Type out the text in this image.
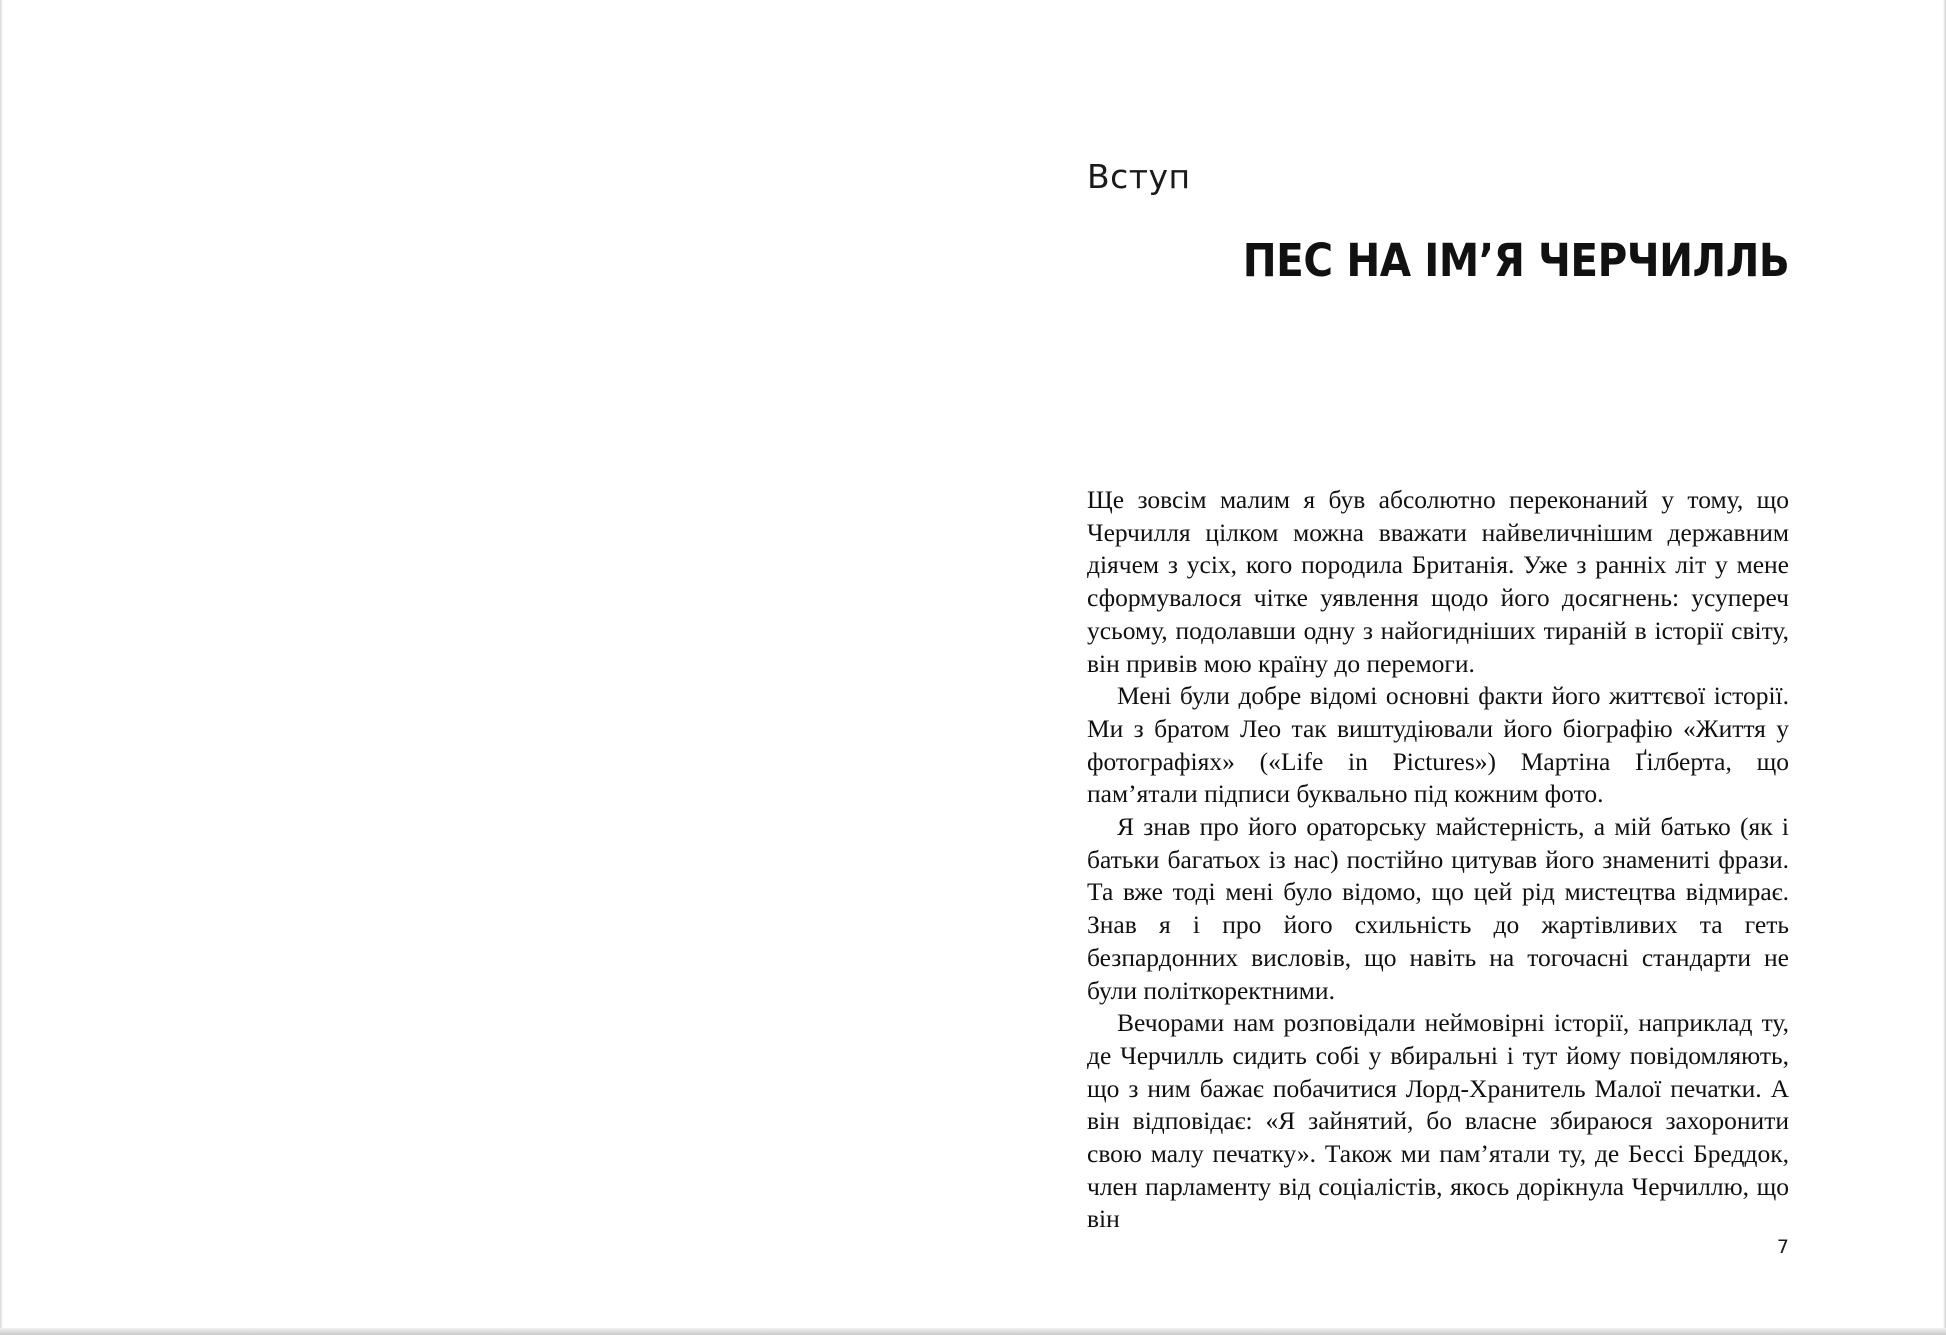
Вступ
ПЕС НА ІМ’Я ЧЕРЧИЛЛЬ

Ще зовсім малим я був абсолютно переконаний у тому, що Черчилля цілком можна вважати найвеличнішим державним діячем з усіх, кого породила Британія. Уже з ранніх літ у мене сформувалося чітке уявлення щодо його досягнень: усупереч усьому, подолавши одну з найогидніших тираній в історії світу, він привів мою країну до перемоги.

Мені були добре відомі основні факти його життєвої історії. Ми з братом Лео так виштудіювали його біографію «Життя у фотографіях» («Life in Pictures») Мартіна Ґілберта, що пам’ятали підписи буквально під кожним фото.

Я знав про його ораторську майстерність, а мій батько (як і батьки багатьох із нас) постійно цитував його знамениті фрази. Та вже тоді мені було відомо, що цей рід мистецтва відмирає. Знав я і про його схильність до жартівливих та геть безпардонних висловів, що навіть на тогочасні стандарти не були політкоректними.

Вечорами нам розповідали неймовірні історії, наприклад ту, де Черчилль сидить собі у вбиральні і тут йому повідомляють, що з ним бажає побачитися Лорд-Хранитель Малої печатки. А він відповідає: «Я зайнятий, бо власне збираюся захоронити свою малу печатку». Також ми пам’ятали ту, де Бессі Бреддок, член парламенту від соціалістів, якось дорікнула Черчиллю, що він

7
